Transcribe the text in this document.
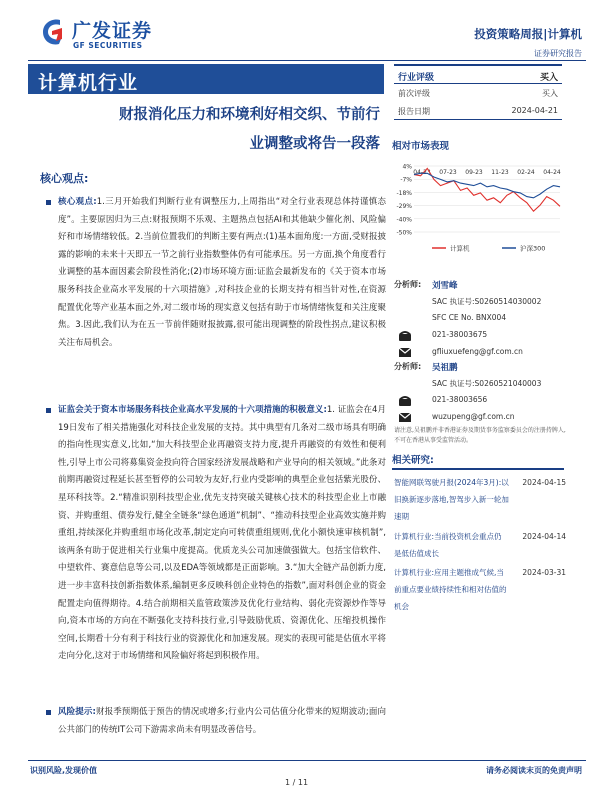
广发证券
GF SECURITIES
投资策略周报|计算机
证券研究报告
计算机行业
财报消化压力和环境利好相交织、节前行
业调整或将告一段落
行业评级	买入
前次评级	买入
报告日期	2024-04-21
相对市场表现
4%
-7%
-18%
-29%
-40%
-50%
04-23 07-23 09-23 11-23 02-24 04-24
计算机	沪深300
分析师: 刘雪峰
SAC 执证号:S0260514030002
SFC CE No. BNX004
021-38003675
gfliuxuefeng@gf.com.cn
分析师: 吴祖鹏
SAC 执证号:S0260521040003
021-38003656
wuzupeng@gf.com.cn
请注意,吴祖鹏并非香港证券及期货事务监察委员会的注册持牌人,不可在香港从事受监管活动。
相关研究:
智能网联驾驶月报(2024年3月):以旧换新逐步落地,智驾步入新一轮加速期
2024-04-15
计算机行业:当前投资机会重点仍是低估值成长
2024-04-14
计算机行业:应用主题推成气候,当前重点要业绩持续性和相对估值的机会
2024-03-31
核心观点:
核心观点:1.三月开始我们判断行业有调整压力,上周指出“对全行业表现总体持谨慎态度”。主要原因归为三点:财报预期不乐观、主题热点包括AI和其他缺少催化剂、风险偏好和市场情绪较低。2.当前位置我们的判断主要有两点:(1)基本面角度:一方面,受财报披露的影响的未来十天即五一节之前行业指数整体仍有可能承压。另一方面,换个角度看行业调整的基本面因素会阶段性消化;(2)市场环境方面:证监会最新发布的《关于资本市场服务科技企业高水平发展的十六项措施》,对科技企业的长期支持有相当针对性,在资源配置优化等产业基本面之外,对二级市场的现实意义包括有助于市场情绪恢复和关注度聚焦。3.因此,我们认为在五一节前伴随财报披露,很可能出现调整的阶段性拐点,建议积极关注布局机会。
证监会关于资本市场服务科技企业高水平发展的十六项措施的积极意义:1. 证监会在4月19日发布了相关措施强化对科技企业发展的支持。其中典型有几条对二级市场具有明确的指向性现实意义,比如,“加大科技型企业再融资支持力度,提升再融资的有效性和便利性,引导上市公司将募集资金投向符合国家经济发展战略和产业导向的相关领域。”此条对前期再融资过程延长甚至暂停的公司较为友好,行业内受影响的典型企业包括紫光股份、星环科技等。2.“精准识别科技型企业,优先支持突破关键核心技术的科技型企业上市融资、并购重组、债券发行,健全全链条“绿色通道”机制”、“推动科技型企业高效实施并购重组,持续深化并购重组市场化改革,制定定向可转债重组规则,优化小额快速审核机制”,该两条有助于促进相关行业集中度提高。优质龙头公司加速做强做大。包括宝信软件、中望软件、赛意信息等公司,以及EDA等领域都是正面影响。3.“加大全链产品创新力度,进一步丰富科技创新指数体系,编制更多反映科创企业特色的指数”,面对科创企业的资金配置走向值得期待。4.结合前期相关监管政策涉及优化行业结构、弱化壳资源炒作等导向,资本市场的方向在不断强化支持科技行业,引导鼓励优质、资源优化、压缩投机操作空间,长期看十分有利于科技行业的资源优化和加速发展。现实的表现可能是估值水平将走向分化,这对于市场情绪和风险偏好将起到积极作用。
风险提示:财报季预期低于预告的情况或增多;行业内公司估值分化带来的短期波动;面向公共部门的传统IT公司下游需求尚未有明显改善信号。
识别风险,发现价值	请务必阅读末页的免责声明
1 / 11
